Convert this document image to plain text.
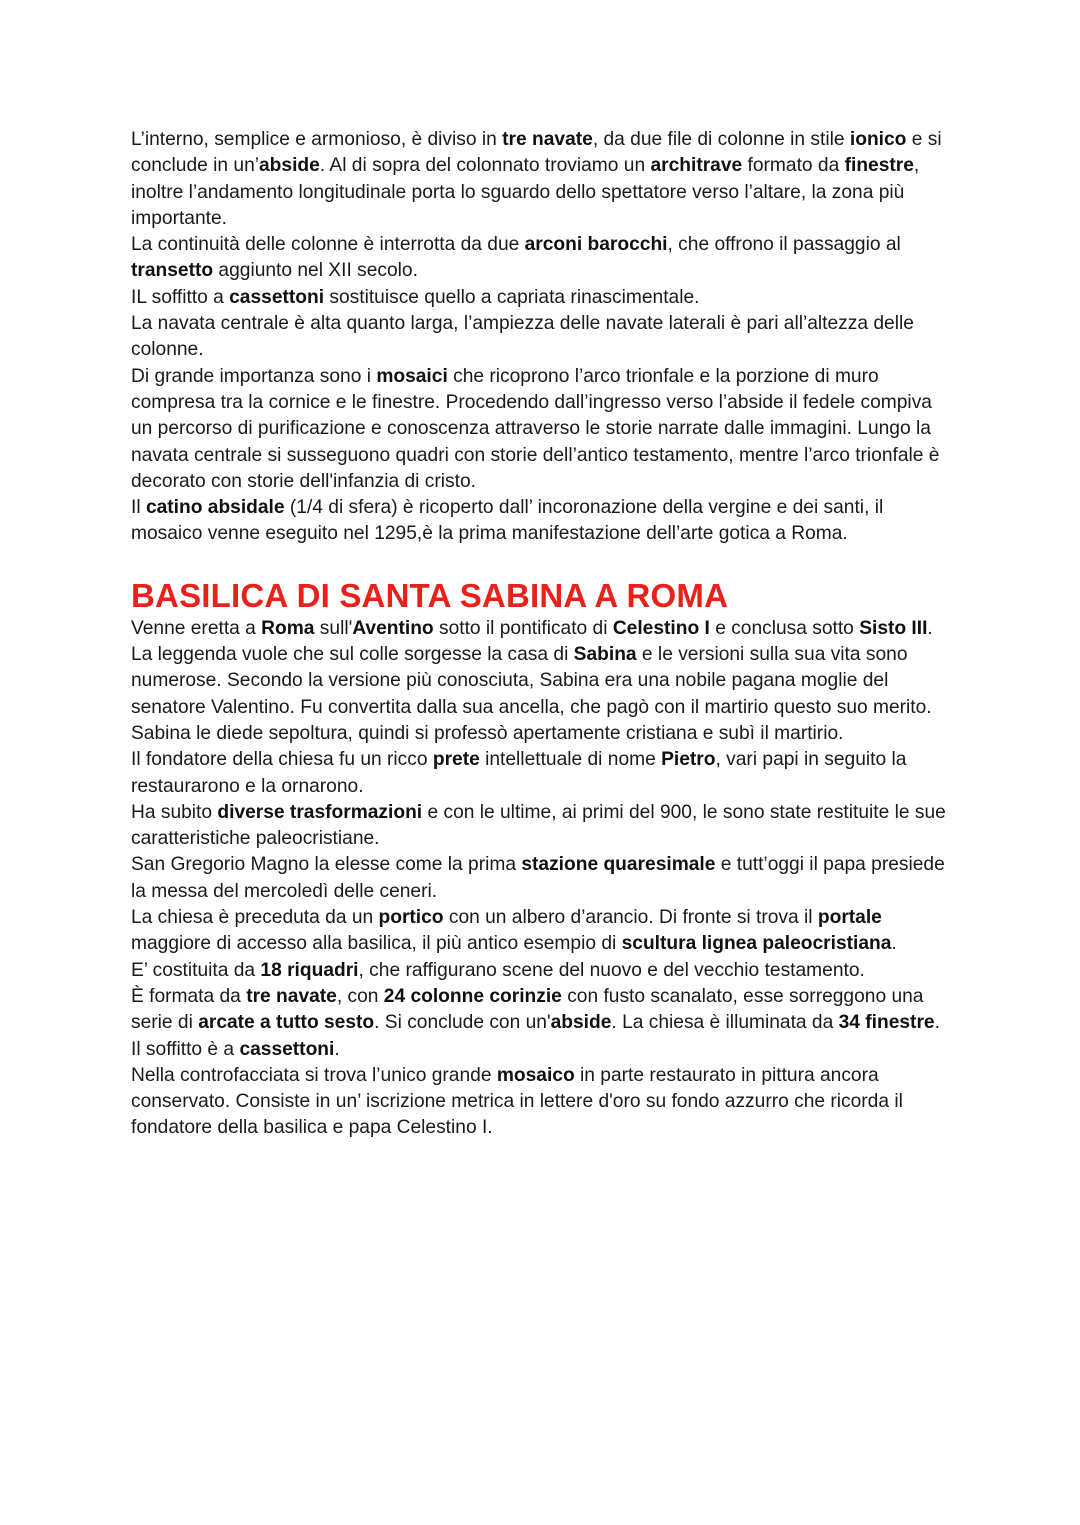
L’interno, semplice e armonioso, è diviso in tre navate, da due file di colonne in stile ionico e si conclude in un’abside. Al di sopra del colonnato troviamo un architrave formato da finestre, inoltre l’andamento longitudinale porta lo sguardo dello spettatore verso l’altare, la zona più importante.

La continuità delle colonne è interrotta da due arconi barocchi, che offrono il passaggio al transetto aggiunto nel XII secolo.

IL soffitto a cassettoni sostituisce quello a capriata rinascimentale.

La navata centrale è alta quanto larga, l’ampiezza delle navate laterali è pari all’altezza delle colonne.

Di grande importanza sono i mosaici che ricoprono l’arco trionfale e la porzione di muro compresa tra la cornice e le finestre. Procedendo dall’ingresso verso l’abside il fedele compiva un percorso di purificazione e conoscenza attraverso le storie narrate dalle immagini. Lungo la navata centrale si susseguono quadri con storie dell’antico testamento, mentre l’arco trionfale è decorato con storie dell'infanzia di cristo.

Il catino absidale (1/4 di sfera) è ricoperto dall’ incoronazione della vergine e dei santi, il mosaico venne eseguito nel 1295,è la prima manifestazione dell’arte gotica a Roma.

BASILICA DI SANTA SABINA A ROMA

Venne eretta a Roma sull'Aventino sotto il pontificato di Celestino I e conclusa sotto Sisto III.

La leggenda vuole che sul colle sorgesse la casa di Sabina e le versioni sulla sua vita sono numerose. Secondo la versione più conosciuta, Sabina era una nobile pagana moglie del senatore Valentino. Fu convertita dalla sua ancella, che pagò con il martirio questo suo merito. Sabina le diede sepoltura, quindi si professò apertamente cristiana e subì il martirio.

Il fondatore della chiesa fu un ricco prete intellettuale di nome Pietro, vari papi in seguito la restaurarono e la ornarono.

Ha subito diverse trasformazioni e con le ultime, ai primi del 900, le sono state restituite le sue caratteristiche paleocristiane.

San Gregorio Magno la elesse come la prima stazione quaresimale e tutt’oggi il papa presiede la messa del mercoledì delle ceneri.

La chiesa è preceduta da un portico con un albero d’arancio. Di fronte si trova il portale maggiore di accesso alla basilica, il più antico esempio di scultura lignea paleocristiana.

E’ costituita da 18 riquadri, che raffigurano scene del nuovo e del vecchio testamento.

È formata da tre navate, con 24 colonne corinzie con fusto scanalato, esse sorreggono una serie di arcate a tutto sesto. Si conclude con un'abside. La chiesa è illuminata da 34 finestre. Il soffitto è a cassettoni.

Nella controfacciata si trova l’unico grande mosaico in parte restaurato in pittura ancora conservato. Consiste in un’ iscrizione metrica in lettere d'oro su fondo azzurro che ricorda il fondatore della basilica e papa Celestino I.
